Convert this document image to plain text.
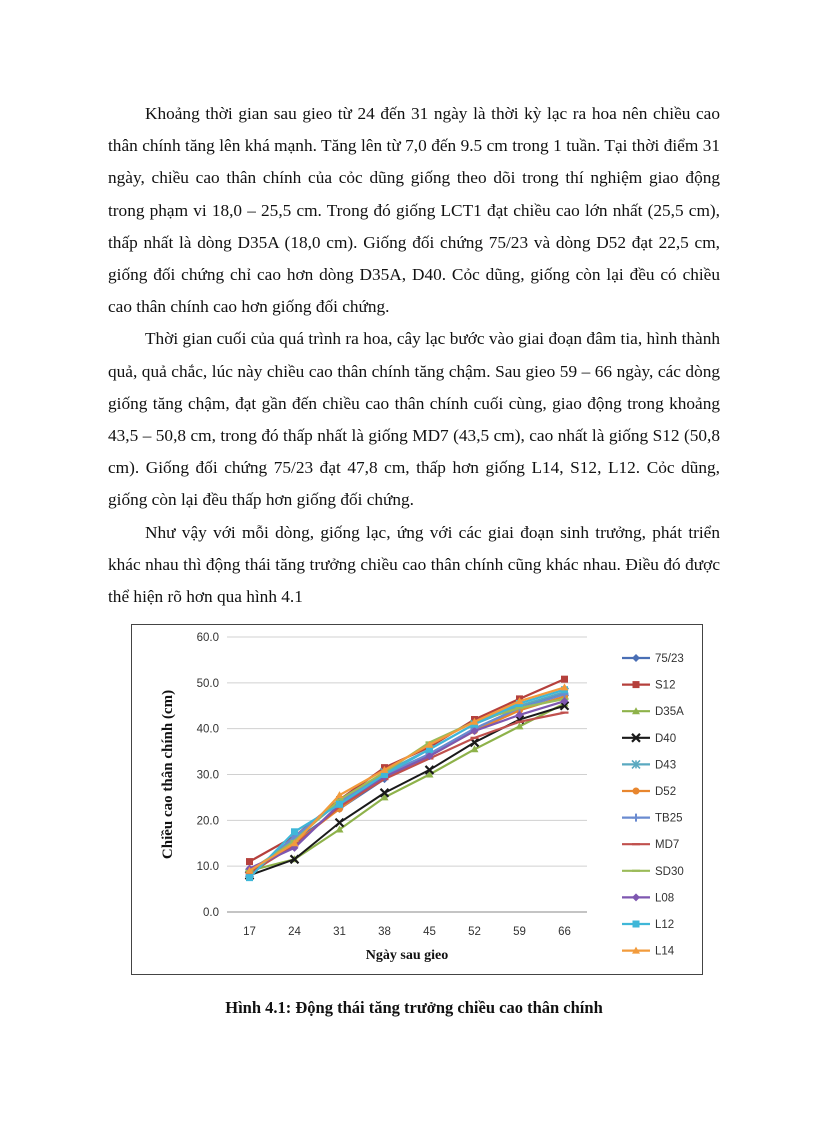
Khoảng thời gian sau gieo từ 24 đến 31 ngày là thời kỳ lạc ra hoa nên chiều cao thân chính tăng lên khá mạnh. Tăng lên từ 7,0 đến 9.5 cm trong 1 tuần. Tại thời điểm 31 ngày, chiều cao thân chính của cỏc dũng giống theo dõi trong thí nghiệm giao động trong phạm vi 18,0 – 25,5 cm. Trong đó giống LCT1 đạt chiều cao lớn nhất (25,5 cm), thấp nhất là dòng D35A (18,0 cm). Giống đối chứng 75/23 và dòng D52 đạt 22,5 cm, giống đối chứng chỉ cao hơn dòng D35A, D40. Cỏc dũng, giống còn lại đều có chiều cao thân chính cao hơn giống đối chứng.

Thời gian cuối của quá trình ra hoa, cây lạc bước vào giai đoạn đâm tia, hình thành quả, quả chắc, lúc này chiều cao thân chính tăng chậm. Sau gieo 59 – 66 ngày, các dòng giống tăng chậm, đạt gần đến chiều cao thân chính cuối cùng, giao động trong khoảng 43,5 – 50,8 cm, trong đó thấp nhất là giống MD7 (43,5 cm), cao nhất là giống S12 (50,8 cm). Giống đối chứng 75/23 đạt 47,8 cm, thấp hơn giống L14, S12, L12. Cỏc dũng, giống còn lại đều thấp hơn giống đối chứng.

Như vậy với mỗi dòng, giống lạc, ứng với các giai đoạn sinh trưởng, phát triển khác nhau thì động thái tăng trưởng chiều cao thân chính cũng khác nhau. Điều đó được thể hiện rõ hơn qua hình 4.1

0.0
10.0
20.0
30.0
40.0
50.0
60.0
17	24	31	38	45	52	59	66
Ngày sau gieo
Chiều cao thân chính (cm)
75/23
S12
D35A
D40
D43
D52
TB25
MD7
SD30
L08
L12
L14
Hình 4.1: Động thái tăng trưởng chiều cao thân chính
